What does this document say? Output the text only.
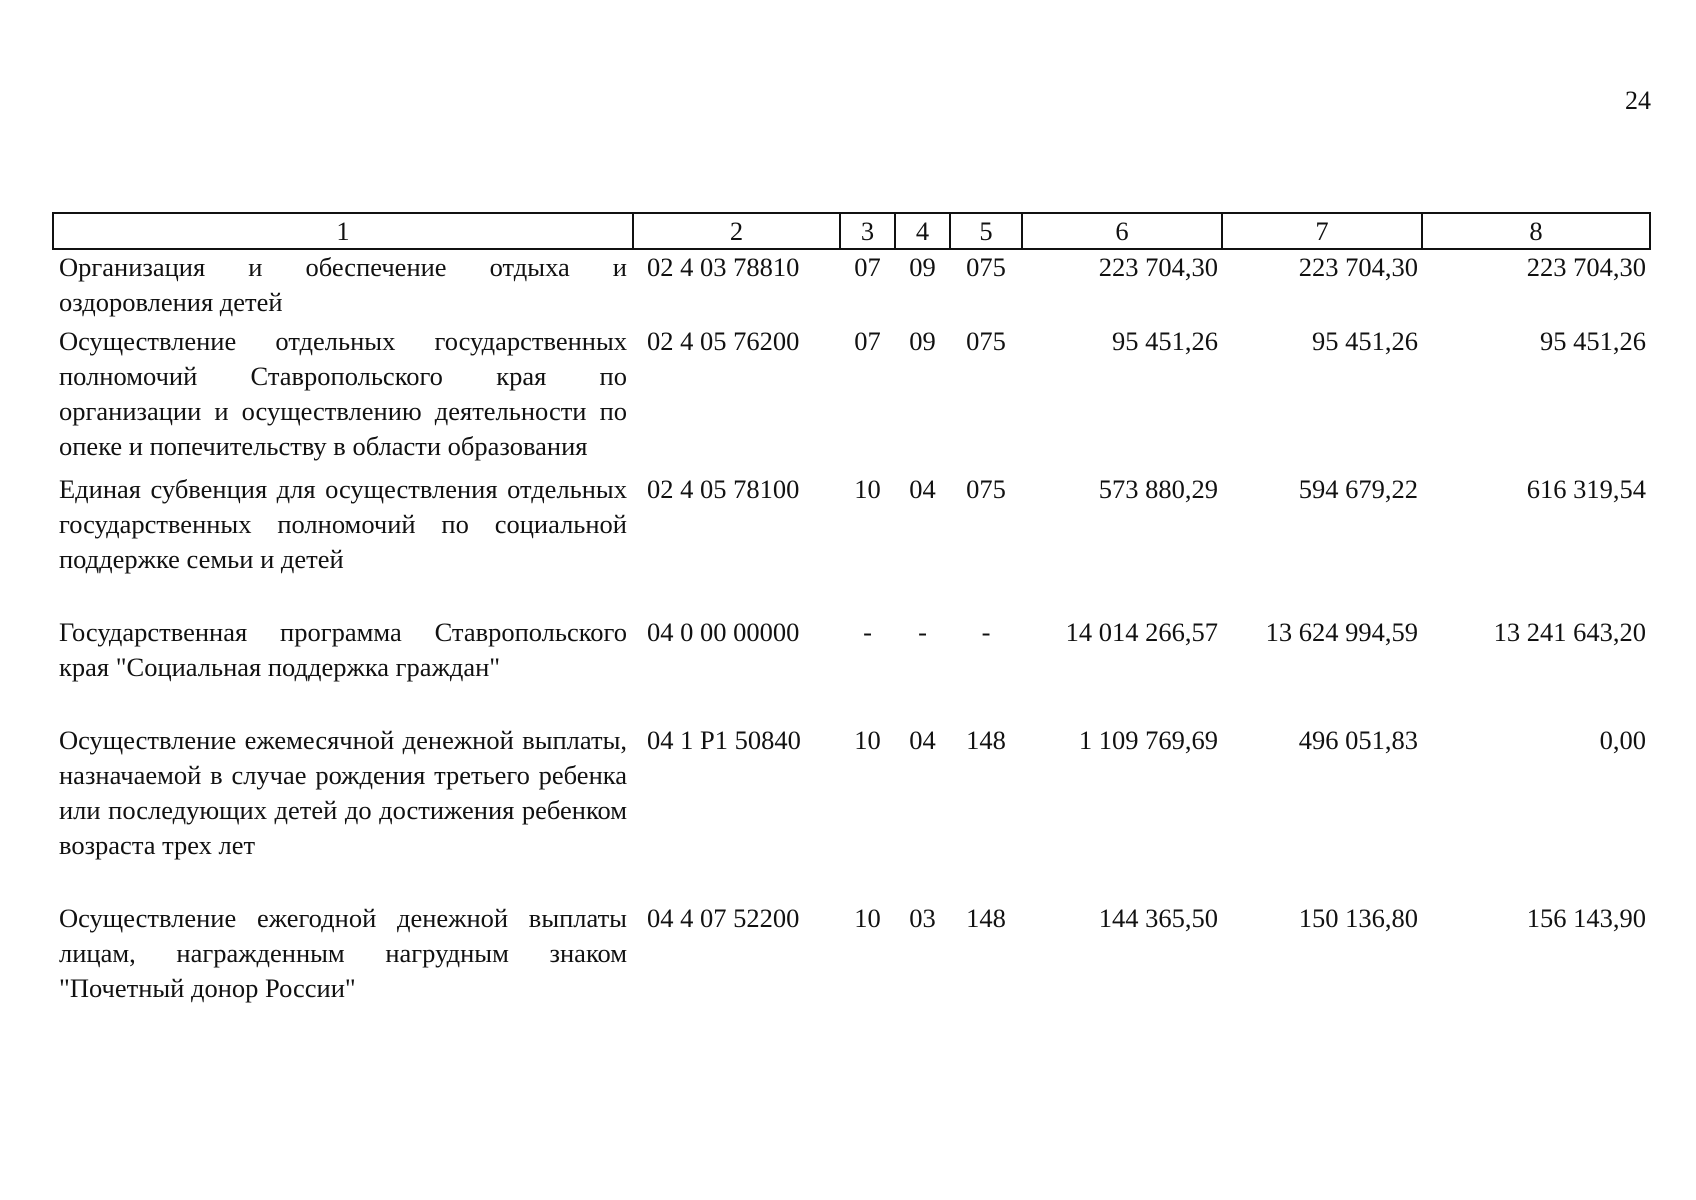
24
1	2	3	4	5	6	7	8
Организация и обеспечение отдыха и оздоровления детей	02 4 03 78810	07	09	075	223 704,30	223 704,30	223 704,30
Осуществление отдельных государственных полномочий Ставропольского края по организации и осуществлению деятельности по опеке и попечительству в области образования	02 4 05 76200	07	09	075	95 451,26	95 451,26	95 451,26
Единая субвенция для осуществления отдельных государственных полномочий по социальной поддержке семьи и детей	02 4 05 78100	10	04	075	573 880,29	594 679,22	616 319,54
Государственная программа Ставропольского края "Социальная поддержка граждан"	04 0 00 00000	-	-	-	14 014 266,57	13 624 994,59	13 241 643,20
Осуществление ежемесячной денежной выплаты, назначаемой в случае рождения третьего ребенка или последующих детей до достижения ребенком возраста трех лет	04 1 P1 50840	10	04	148	1 109 769,69	496 051,83	0,00
Осуществление ежегодной денежной выплаты лицам, награжденным нагрудным знаком "Почетный донор России"	04 4 07 52200	10	03	148	144 365,50	150 136,80	156 143,90
